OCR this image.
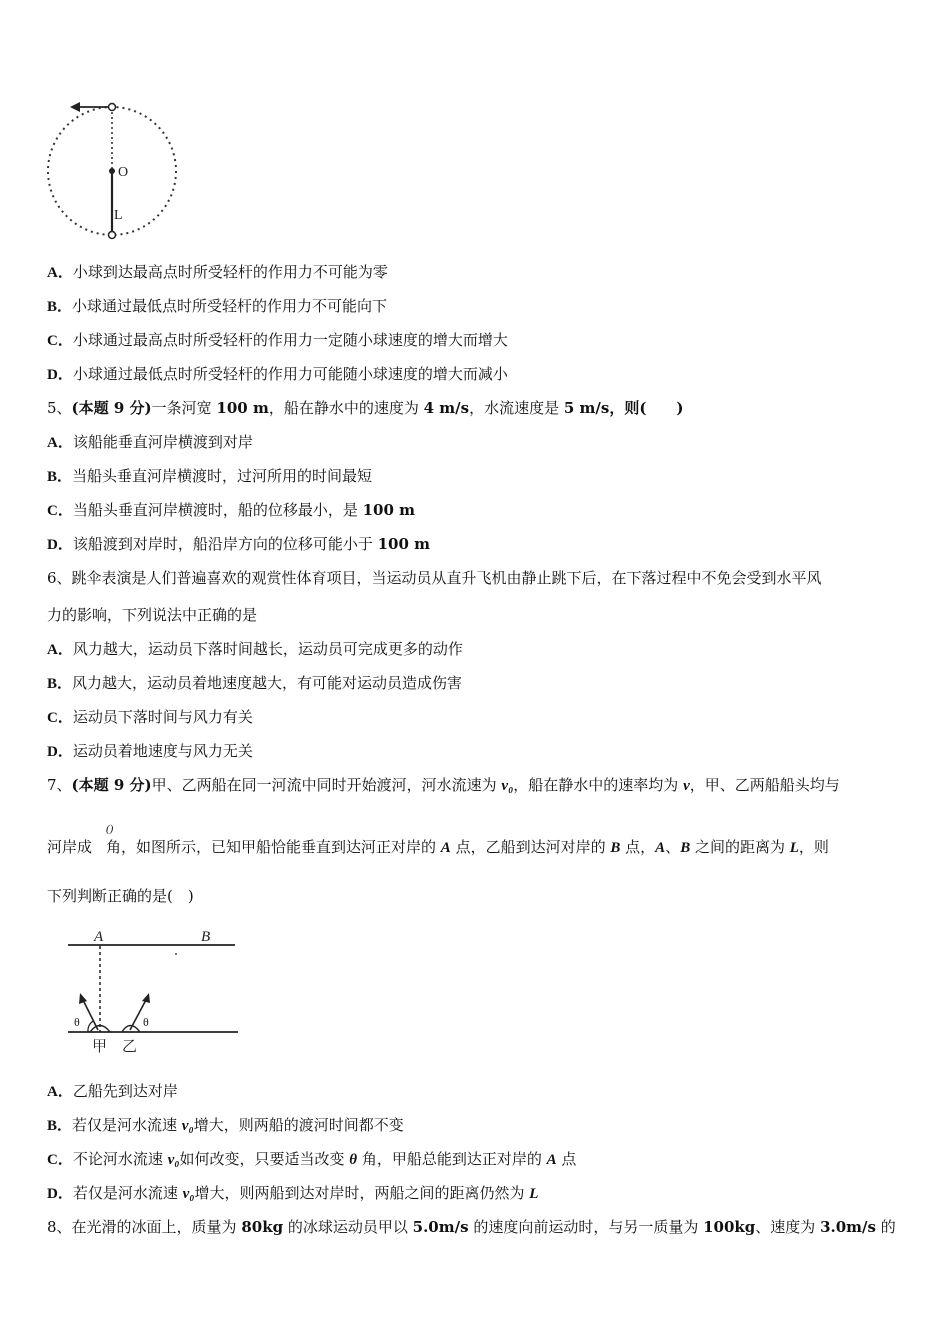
O
L
A．小球到达最高点时所受轻杆的作用力不可能为零
B．小球通过最低点时所受轻杆的作用力不可能向下
C．小球通过最高点时所受轻杆的作用力一定随小球速度的增大而增大
D．小球通过最低点时所受轻杆的作用力可能随小球速度的增大而减小
5、(本题 9 分)一条河宽 100 m，船在静水中的速度为 4 m/s，水流速度是 5 m/s，则(　　)
A．该船能垂直河岸横渡到对岸
B．当船头垂直河岸横渡时，过河所用的时间最短
C．当船头垂直河岸横渡时，船的位移最小，是 100 m
D．该船渡到对岸时，船沿岸方向的位移可能小于 100 m
6、跳伞表演是人们普遍喜欢的观赏性体育项目，当运动员从直升飞机由静止跳下后，在下落过程中不免会受到水平风
力的影响，下列说法中正确的是
A．风力越大，运动员下落时间越长，运动员可完成更多的动作
B．风力越大，运动员着地速度越大，有可能对运动员造成伤害
C．运动员下落时间与风力有关
D．运动员着地速度与风力无关
7、(本题 9 分)甲、乙两船在同一河流中同时开始渡河，河水流速为 v₀，船在静水中的速率均为 v，甲、乙两船船头均与
()
河岸成 角，如图所示，已知甲船恰能垂直到达河正对岸的 A 点，乙船到达河对岸的 B 点，A、B 之间的距离为 L，则
下列判断正确的是(　)
A	B
θ	θ
甲 乙
A．乙船先到达对岸
B．若仅是河水流速 v₀增大，则两船的渡河时间都不变
C．不论河水流速 v₀如何改变，只要适当改变 θ 角，甲船总能到达正对岸的 A 点
D．若仅是河水流速 v₀增大，则两船到达对岸时，两船之间的距离仍然为 L
8、在光滑的冰面上，质量为 80kg 的冰球运动员甲以 5.0m/s 的速度向前运动时，与另一质量为 100kg、速度为 3.0m/s 的
